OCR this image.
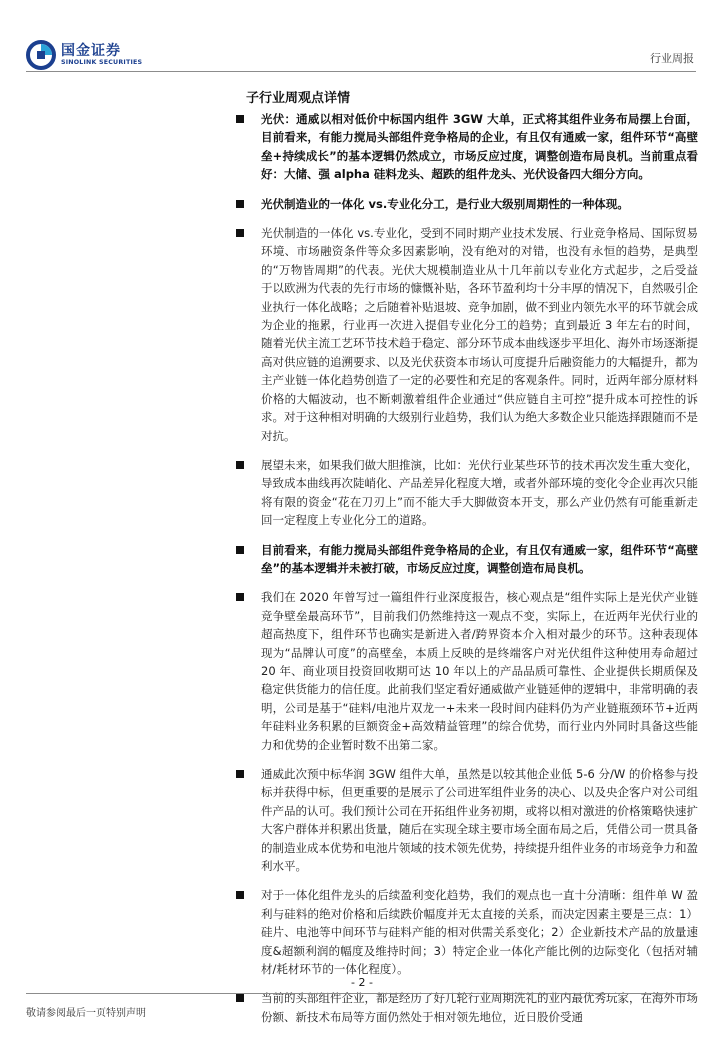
国金证券
SINOLINK SECURITIES	行业周报
子行业周观点详情
光伏：通威以相对低价中标国内组件 3GW 大单，正式将其组件业务布局摆上台面，目前看来，有能力搅局头部组件竞争格局的企业，有且仅有通威一家，组件环节“高壁垒+持续成长”的基本逻辑仍然成立，市场反应过度，调整创造布局良机。当前重点看好：大储、强 alpha 硅料龙头、超跌的组件龙头、光伏设备四大细分方向。
光伏制造业的一体化 vs.专业化分工，是行业大级别周期性的一种体现。
光伏制造的一体化 vs.专业化，受到不同时期产业技术发展、行业竞争格局、国际贸易环境、市场融资条件等众多因素影响，没有绝对的对错，也没有永恒的趋势，是典型的“万物皆周期”的代表。光伏大规模制造业从十几年前以专业化方式起步，之后受益于以欧洲为代表的先行市场的慷慨补贴，各环节盈利均十分丰厚的情况下，自然吸引企业执行一体化战略；之后随着补贴退坡、竞争加剧，做不到业内领先水平的环节就会成为企业的拖累，行业再一次进入提倡专业化分工的趋势；直到最近 3 年左右的时间，随着光伏主流工艺环节技术趋于稳定、部分环节成本曲线逐步平坦化、海外市场逐渐提高对供应链的追溯要求、以及光伏获资本市场认可度提升后融资能力的大幅提升，都为主产业链一体化趋势创造了一定的必要性和充足的客观条件。同时，近两年部分原材料价格的大幅波动，也不断刺激着组件企业通过“供应链自主可控”提升成本可控性的诉求。对于这种相对明确的大级别行业趋势，我们认为绝大多数企业只能选择跟随而不是对抗。
展望未来，如果我们做大胆推演，比如：光伏行业某些环节的技术再次发生重大变化，导致成本曲线再次陡峭化、产品差异化程度大增，或者外部环境的变化令企业再次只能将有限的资金“花在刀刃上”而不能大手大脚做资本开支，那么产业仍然有可能重新走回一定程度上专业化分工的道路。
目前看来，有能力搅局头部组件竞争格局的企业，有且仅有通威一家，组件环节“高壁垒”的基本逻辑并未被打破，市场反应过度，调整创造布局良机。
我们在 2020 年曾写过一篇组件行业深度报告，核心观点是“组件实际上是光伏产业链竞争壁垒最高环节”，目前我们仍然维持这一观点不变，实际上，在近两年光伏行业的超高热度下，组件环节也确实是新进入者/跨界资本介入相对最少的环节。这种表现体现为“品牌认可度”的高壁垒，本质上反映的是终端客户对光伏组件这种使用寿命超过 20 年、商业项目投资回收期可达 10 年以上的产品品质可靠性、企业提供长期质保及稳定供货能力的信任度。此前我们坚定看好通威做产业链延伸的逻辑中，非常明确的表明，公司是基于“硅料/电池片双龙一+未来一段时间内硅料仍为产业链瓶颈环节+近两年硅料业务积累的巨额资金+高效精益管理”的综合优势，而行业内外同时具备这些能力和优势的企业暂时数不出第二家。
通威此次预中标华润 3GW 组件大单，虽然是以较其他企业低 5-6 分/W 的价格参与投标并获得中标，但更重要的是展示了公司进军组件业务的决心、以及央企客户对公司组件产品的认可。我们预计公司在开拓组件业务初期，或将以相对激进的价格策略快速扩大客户群体并积累出货量，随后在实现全球主要市场全面布局之后，凭借公司一贯具备的制造业成本优势和电池片领域的技术领先优势，持续提升组件业务的市场竞争力和盈利水平。
对于一体化组件龙头的后续盈利变化趋势，我们的观点也一直十分清晰：组件单 W 盈利与硅料的绝对价格和后续跌价幅度并无太直接的关系，而决定因素主要是三点：1）硅片、电池等中间环节与硅料产能的相对供需关系变化；2）企业新技术产品的放量速度&超额利润的幅度及维持时间；3）特定企业一体化产能比例的边际变化（包括对辅材/耗材环节的一体化程度）。
当前的头部组件企业，都是经历了好几轮行业周期洗礼的业内最优秀玩家，在海外市场份额、新技术布局等方面仍然处于相对领先地位，近日股价受通
- 2 -
敬请参阅最后一页特别声明
